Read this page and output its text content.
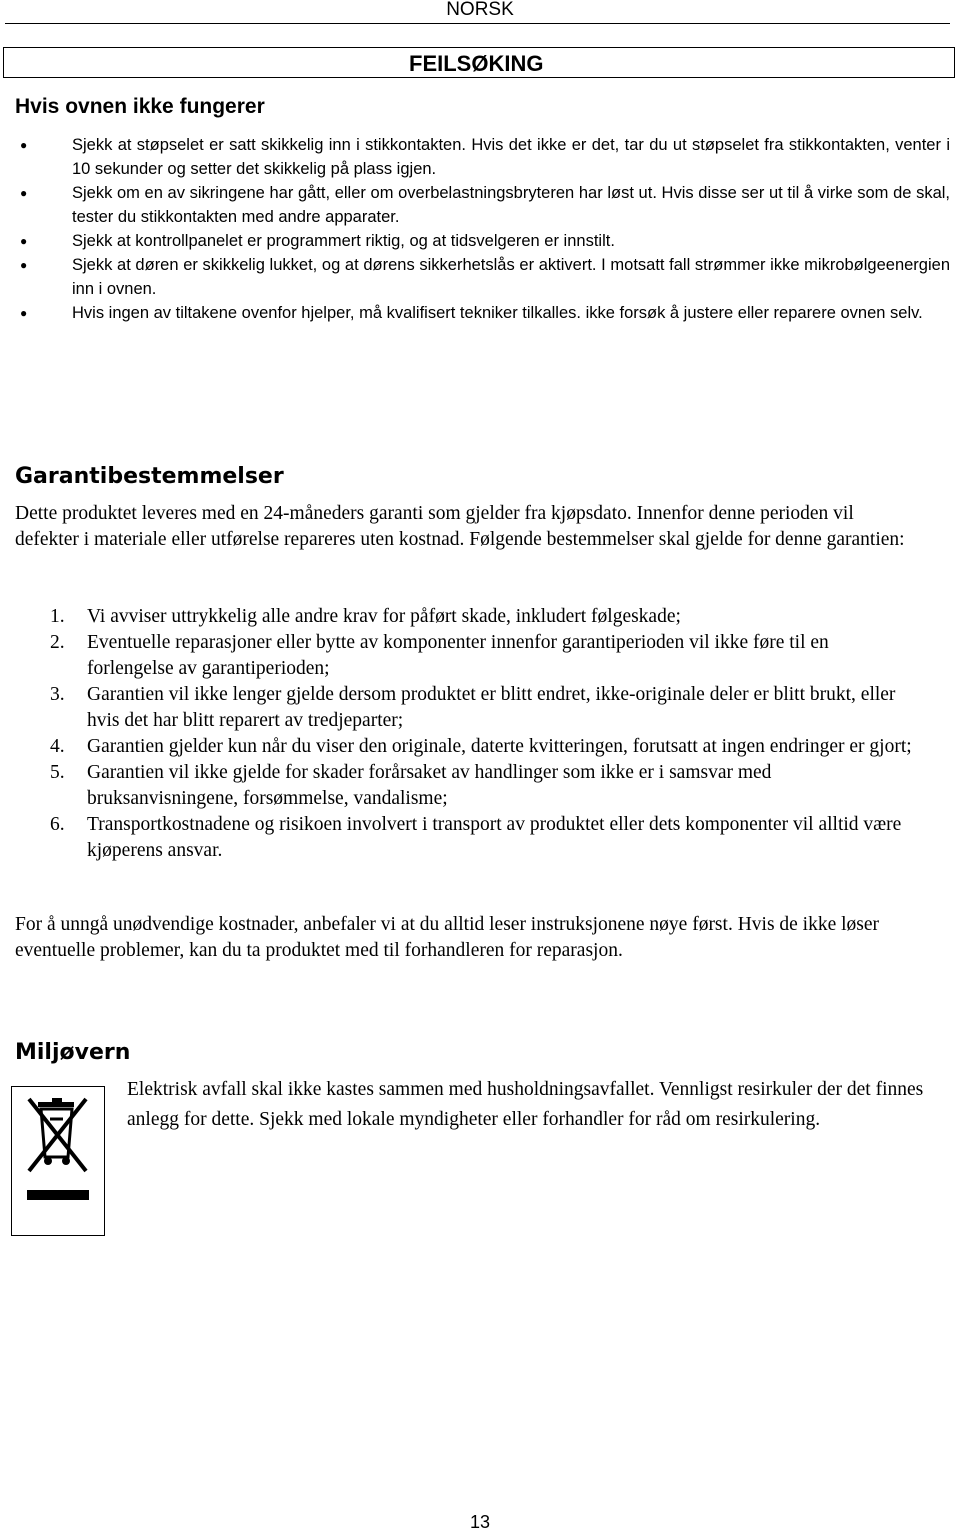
NORSK
FEILSØKING
Hvis ovnen ikke fungerer
●	Sjekk at støpselet er satt skikkelig inn i stikkontakten. Hvis det ikke er det, tar du ut støpselet fra stikkontakten, venter i 10 sekunder og setter det skikkelig på plass igjen.
●	Sjekk om en av sikringene har gått, eller om overbelastningsbryteren har løst ut. Hvis disse ser ut til å virke som de skal, tester du stikkontakten med andre apparater.
●	Sjekk at kontrollpanelet er programmert riktig, og at tidsvelgeren er innstilt.
●	Sjekk at døren er skikkelig lukket, og at dørens sikkerhetslås er aktivert. I motsatt fall strømmer ikke mikrobølgeenergien inn i ovnen.
●	Hvis ingen av tiltakene ovenfor hjelper, må kvalifisert tekniker tilkalles. ikke forsøk å justere eller reparere ovnen selv.
Garantibestemmelser
Dette produktet leveres med en 24-måneders garanti som gjelder fra kjøpsdato. Innenfor denne perioden vil defekter i materiale eller utførelse repareres uten kostnad. Følgende bestemmelser skal gjelde for denne garantien:
1. Vi avviser uttrykkelig alle andre krav for påført skade, inkludert følgeskade;
2. Eventuelle reparasjoner eller bytte av komponenter innenfor garantiperioden vil ikke føre til en forlengelse av garantiperioden;
3. Garantien vil ikke lenger gjelde dersom produktet er blitt endret, ikke-originale deler er blitt brukt, eller hvis det har blitt reparert av tredjeparter;
4. Garantien gjelder kun når du viser den originale, daterte kvitteringen, forutsatt at ingen endringer er gjort;
5. Garantien vil ikke gjelde for skader forårsaket av handlinger som ikke er i samsvar med bruksanvisningene, forsømmelse, vandalisme;
6. Transportkostnadene og risikoen involvert i transport av produktet eller dets komponenter vil alltid være kjøperens ansvar.
For å unngå unødvendige kostnader, anbefaler vi at du alltid leser instruksjonene nøye først. Hvis de ikke løser eventuelle problemer, kan du ta produktet med til forhandleren for reparasjon.
Miljøvern
Elektrisk avfall skal ikke kastes sammen med husholdningsavfallet. Vennligst resirkuler der det finnes anlegg for dette. Sjekk med lokale myndigheter eller forhandler for råd om resirkulering.
13
